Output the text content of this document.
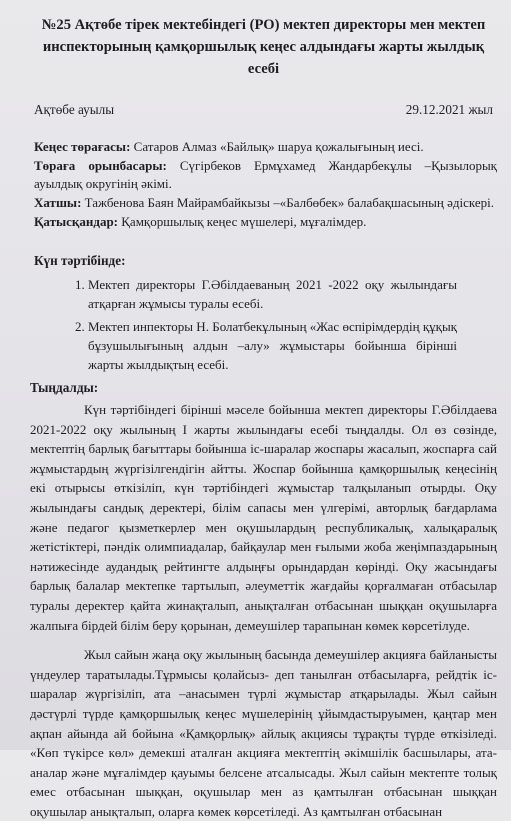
№25 Ақтөбе тірек мектебіндегі (РО) мектеп директоры мен мектеп инспекторының қамқоршылық кеңес алдындағы жарты жылдық есебі
Ақтөбе ауылы	29.12.2021 жыл
Кеңес төрағасы: Сатаров Алмаз «Байлық» шаруа қожалығының иесі.
Төраға орынбасары: Сүгірбеков Ермұхамед Жандарбекұлы –Қызылорық ауылдық округінің әкімі.
Хатшы: Тажбенова Баян Майрамбайкызы –«Балбөбек» балабақшасының әдіскері.
Қатысқандар: Қамқоршылық кеңес мүшелері, мұғалімдер.
Күн тәртібінде:
1. Мектеп директоры Г.Әбілдаеваның 2021 -2022 оқу жылындағы атқарған жұмысы туралы есебі.
2. Мектеп инпекторы Н. Болатбекұлының «Жас өспірімдердің құқық бұзушылығының алдын –алу» жұмыстары бойынша бірінші жарты жылдықтың есебі.
Тыңдалды:

Күн тәртібіндегі бірінші мәселе бойынша мектеп директоры Г.Әбілдаева 2021-2022 оқу жылының І жарты жылындағы есебі тыңдалды. Ол өз сөзінде, мектептің барлық бағыттары бойынша іс-шаралар жоспары жасалып, жоспарға сай жұмыстардың жүргізілгендігін айтты. Жоспар бойынша қамқоршылық кеңесінің екі отырысы өткізіліп, күн тәртібіндегі жұмыстар талқыланып отырды. Оқу жылындағы сандық деректері, білім сапасы мен үлгерімі, авторлық бағдарлама және педагог қызметкерлер мен оқушылардың республикалық, халықаралық жетістіктері, пәндік олимпиадалар, байқаулар мен ғылыми жоба жеңімпаздарының нәтижесінде аудандық рейтингте алдыңғы орындардан көрінді. Оқу жасындағы барлық балалар мектепке тартылып, әлеуметтік жағдайы қорғалмаған отбасылар туралы деректер қайта жинақталып, анықталған отбасынан шыққан оқушыларға жалпыға бірдей білім беру қорынан, демеушілер тарапынан көмек көрсетілуде.

Жыл сайын жаңа оқу жылының басында демеушілер акцияға байланысты үндеулер таратылады.Тұрмысы қолайсыз- деп танылған отбасыларға, рейдтік іс-шаралар жүргізіліп, ата –анасымен түрлі жұмыстар атқарылады. Жыл сайын дәстүрлі түрде қамқоршылық кеңес мүшелерінің ұйымдастыруымен, қаңтар мен ақпан айында ай бойына «Қамқорлық» айлық акциясы тұрақты түрде өткізіледі. «Көп түкірсе көл» демекші аталған акцияға мектептің әкімшілік басшылары, ата-аналар және мұғалімдер қауымы белсене атсалысады. Жыл сайын мектепте толық емес отбасынан шыққан, оқушылар мен аз қамтылған отбасынан шыққан оқушылар анықталып, оларға көмек көрсетіледі. Аз қамтылған отбасынан
